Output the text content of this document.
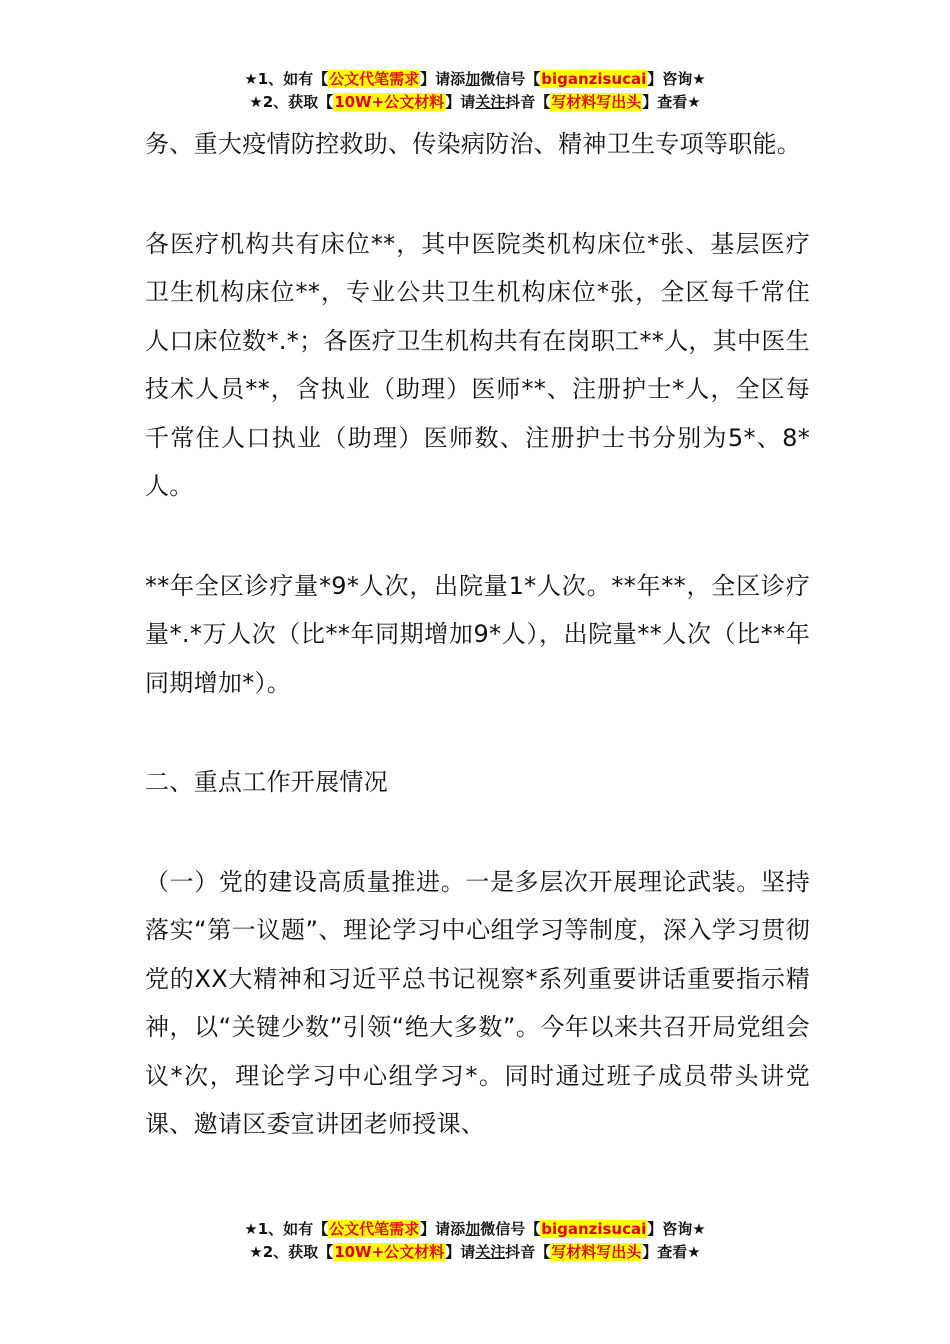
★1、如有【公文代笔需求】请添加微信号【biganzisucai】咨询★
★2、获取【10W+公文材料】请关注抖音【写材料写出头】查看★

务、重大疫情防控救助、传染病防治、精神卫生专项等职能。

各医疗机构共有床位**，其中医院类机构床位*张、基层医疗卫生机构床位**，专业公共卫生机构床位*张，全区每千常住人口床位数*.*；各医疗卫生机构共有在岗职工**人，其中医生技术人员**，含执业（助理）医师**、注册护士*人，全区每千常住人口执业（助理）医师数、注册护士书分别为5*、8*人。

**年全区诊疗量*9*人次，出院量1*人次。**年**，全区诊疗量*.*万人次（比**年同期增加9*人），出院量**人次（比**年同期增加*）。

二、重点工作开展情况

（一）党的建设高质量推进。一是多层次开展理论武装。坚持落实“第一议题”、理论学习中心组学习等制度，深入学习贯彻党的XX大精神和习近平总书记视察*系列重要讲话重要指示精神，以“关键少数”引领“绝大多数”。今年以来共召开局党组会议*次，理论学习中心组学习*。同时通过班子成员带头讲党课、邀请区委宣讲团老师授课、

★1、如有【公文代笔需求】请添加微信号【biganzisucai】咨询★
★2、获取【10W+公文材料】请关注抖音【写材料写出头】查看★
